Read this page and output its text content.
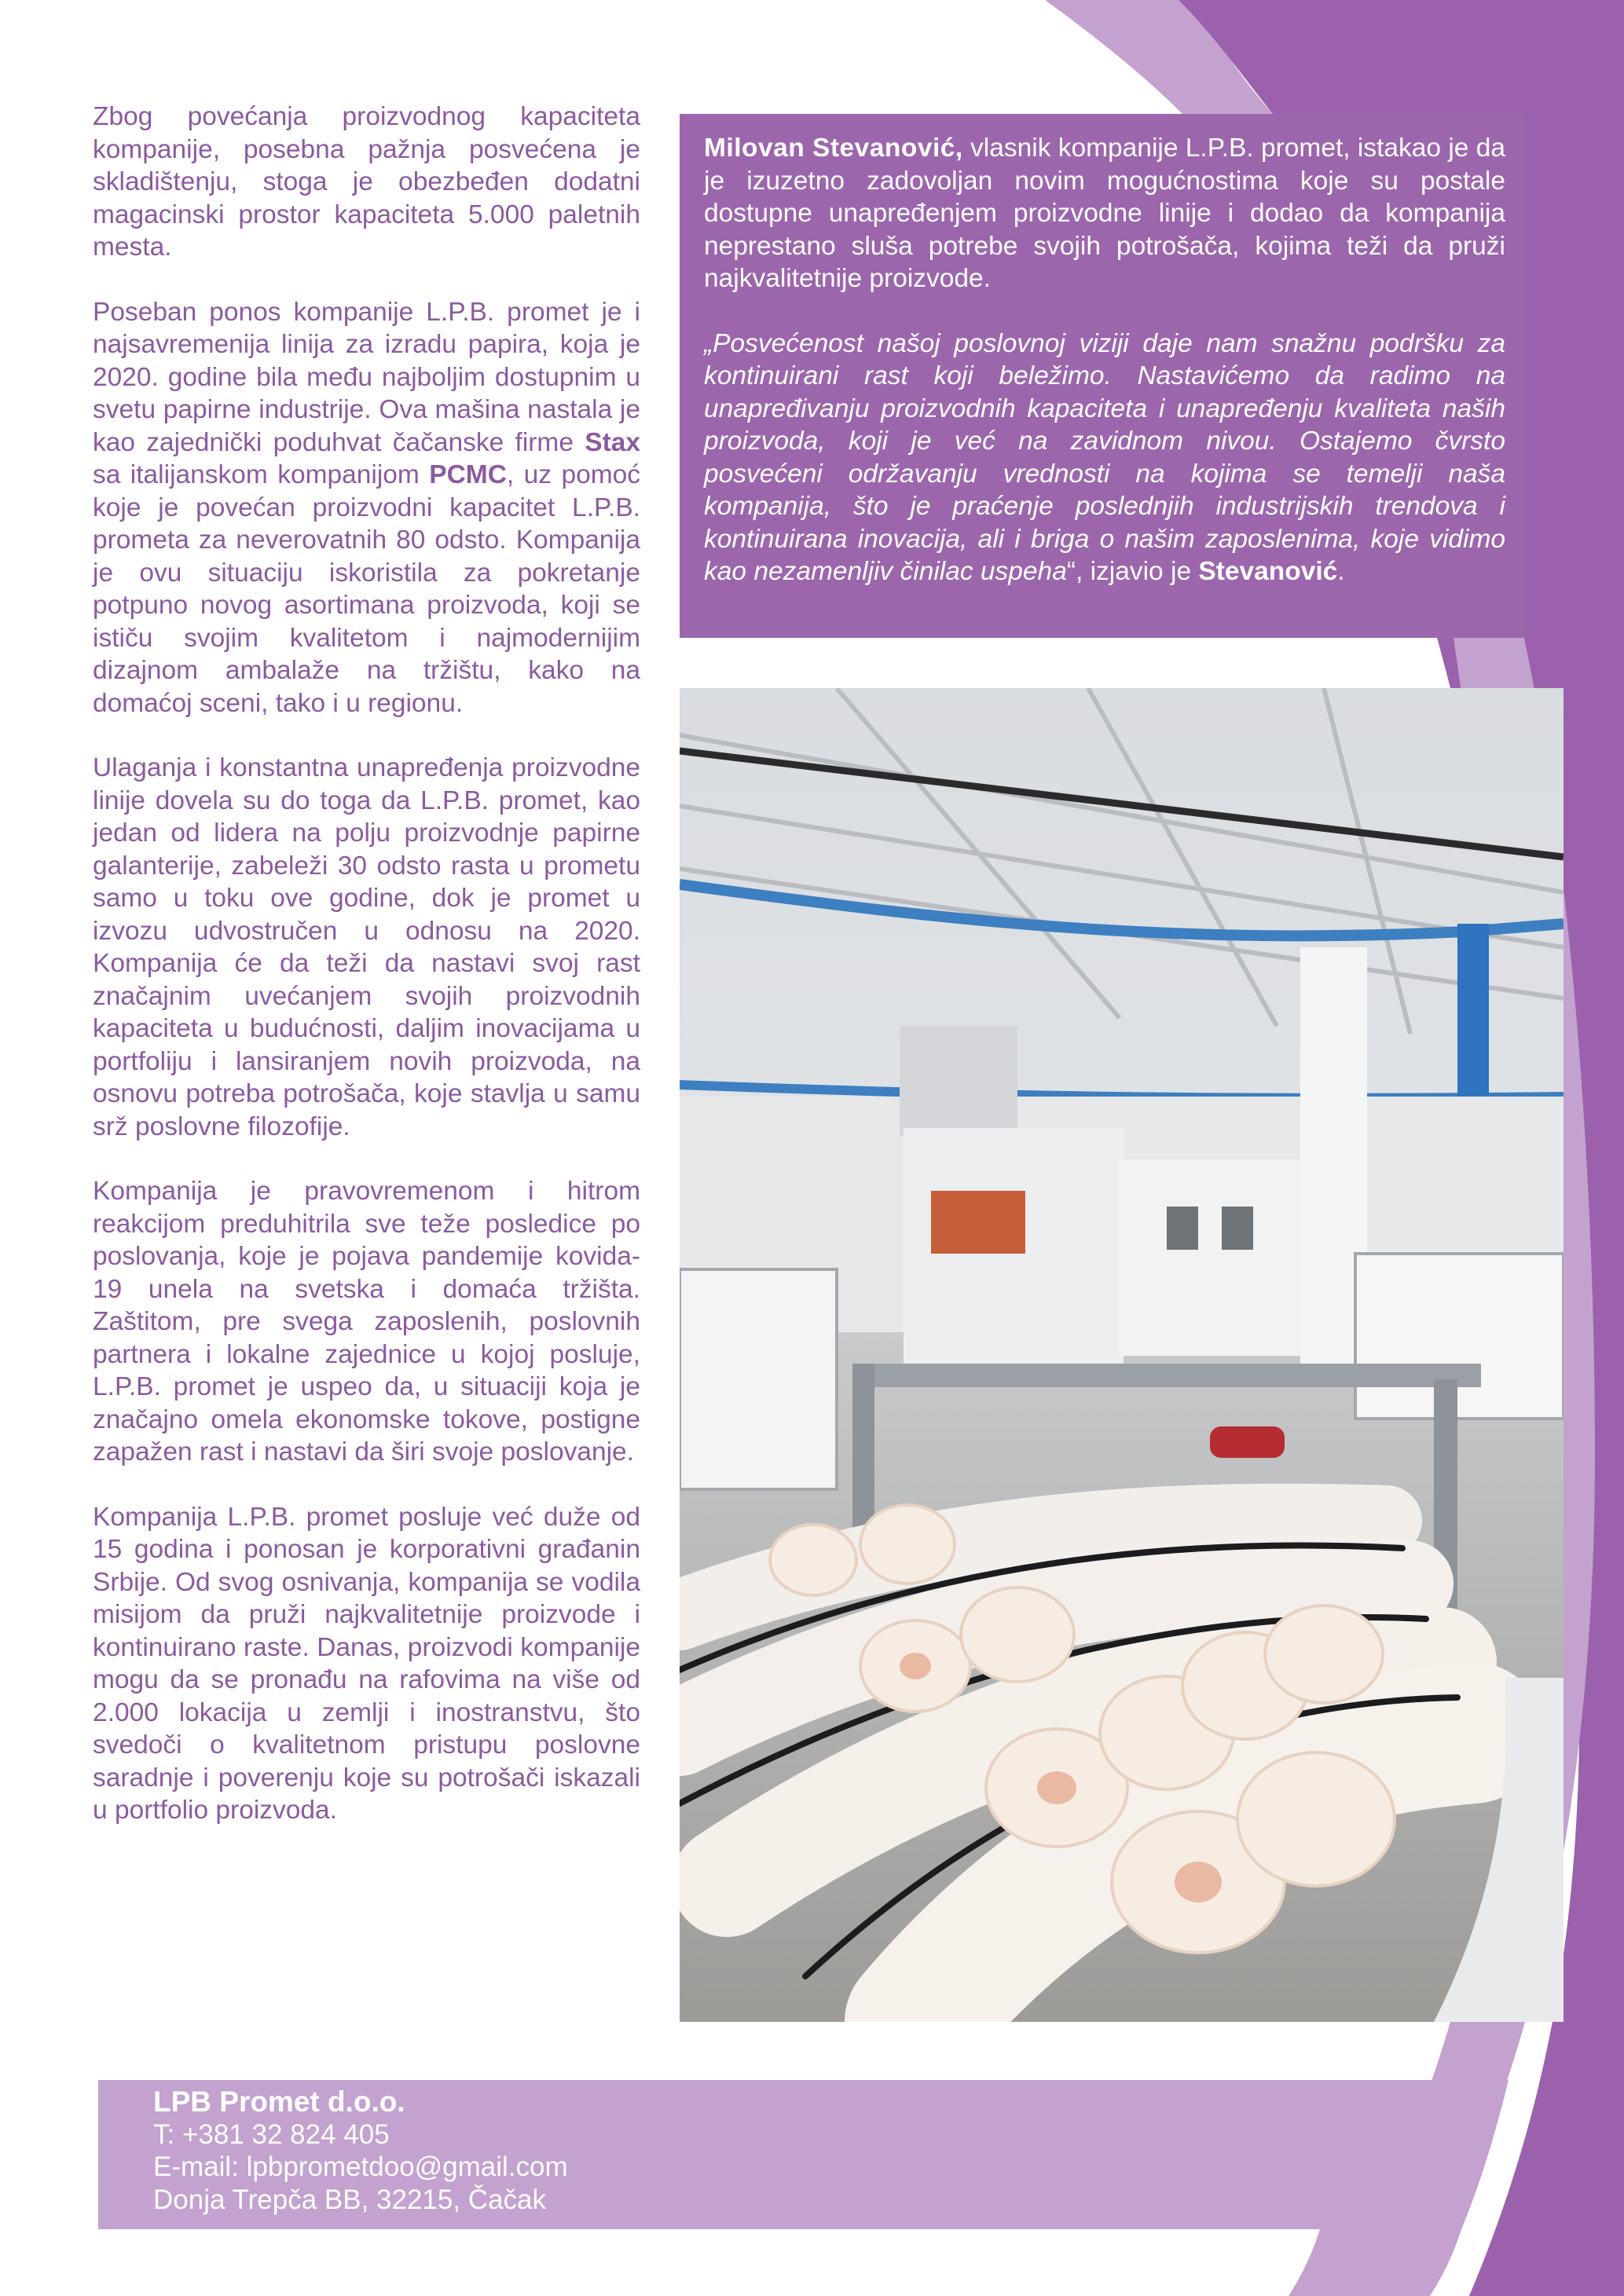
Zbog povećanja proizvodnog kapaciteta kompanije, posebna pažnja posvećena je skladištenju, stoga je obezbeđen dodatni magacinski prostor kapaciteta 5.000 paletnih mesta.

Poseban ponos kompanije L.P.B. promet je i najsavremenija linija za izradu papira, koja je 2020. godine bila među najboljim dostupnim u svetu papirne industrije. Ova mašina nastala je kao zajednički poduhvat čačanske firme Stax sa italijanskom kompanijom PCMC, uz pomoć koje je povećan proizvodni kapacitet L.P.B. prometa za neverovatnih 80 odsto. Kompanija je ovu situaciju iskoristila za pokretanje potpuno novog asortimana proizvoda, koji se ističu svojim kvalitetom i najmodernijim dizajnom ambalaže na tržištu, kako na domaćoj sceni, tako i u regionu.

Ulaganja i konstantna unapređenja proizvodne linije dovela su do toga da L.P.B. promet, kao jedan od lidera na polju proizvodnje papirne galanterije, zabeleži 30 odsto rasta u prometu samo u toku ove godine, dok je promet u izvozu udvostručen u odnosu na 2020. Kompanija će da teži da nastavi svoj rast značajnim uvećanjem svojih proizvodnih kapaciteta u budućnosti, daljim inovacijama u portfoliju i lansiranjem novih proizvoda, na osnovu potreba potrošača, koje stavlja u samu srž poslovne filozofije.

Kompanija je pravovremenom i hitrom reakcijom preduhitrila sve teže posledice po poslovanja, koje je pojava pandemije kovida-19 unela na svetska i domaća tržišta. Zaštitom, pre svega zaposlenih, poslovnih partnera i lokalne zajednice u kojoj posluje, L.P.B. promet je uspeo da, u situaciji koja je značajno omela ekonomske tokove, postigne zapažen rast i nastavi da širi svoje poslovanje.

Kompanija L.P.B. promet posluje već duže od 15 godina i ponosan je korporativni građanin Srbije. Od svog osnivanja, kompanija se vodila misijom da pruži najkvalitetnije proizvode i kontinuirano raste. Danas, proizvodi kompanije mogu da se pronađu na rafovima na više od 2.000 lokacija u zemlji i inostranstvu, što svedoči o kvalitetnom pristupu poslovne saradnje i poverenju koje su potrošači iskazali u portfolio proizvoda.

Milovan Stevanović, vlasnik kompanije L.P.B. promet, istakao je da je izuzetno zadovoljan novim mogućnostima koje su postale dostupne unapređenjem proizvodne linije i dodao da kompanija neprestano sluša potrebe svojih potrošača, kojima teži da pruži najkvalitetnije proizvode.

„Posvećenost našoj poslovnoj viziji daje nam snažnu podršku za kontinuirani rast koji beležimo. Nastavićemo da radimo na unapređivanju proizvodnih kapaciteta i unapređenju kvaliteta naših proizvoda, koji je već na zavidnom nivou. Ostajemo čvrsto posvećeni održavanju vrednosti na kojima se temelji naša kompanija, što je praćenje poslednjih industrijskih trendova i kontinuirana inovacija, ali i briga o našim zaposlenima, koje vidimo kao nezamenljiv činilac uspeha“, izjavio je Stevanović.

LPB Promet d.o.o.
T: +381 32 824 405
E-mail: lpbprometdoo@gmail.com
Donja Trepča BB, 32215, Čačak
